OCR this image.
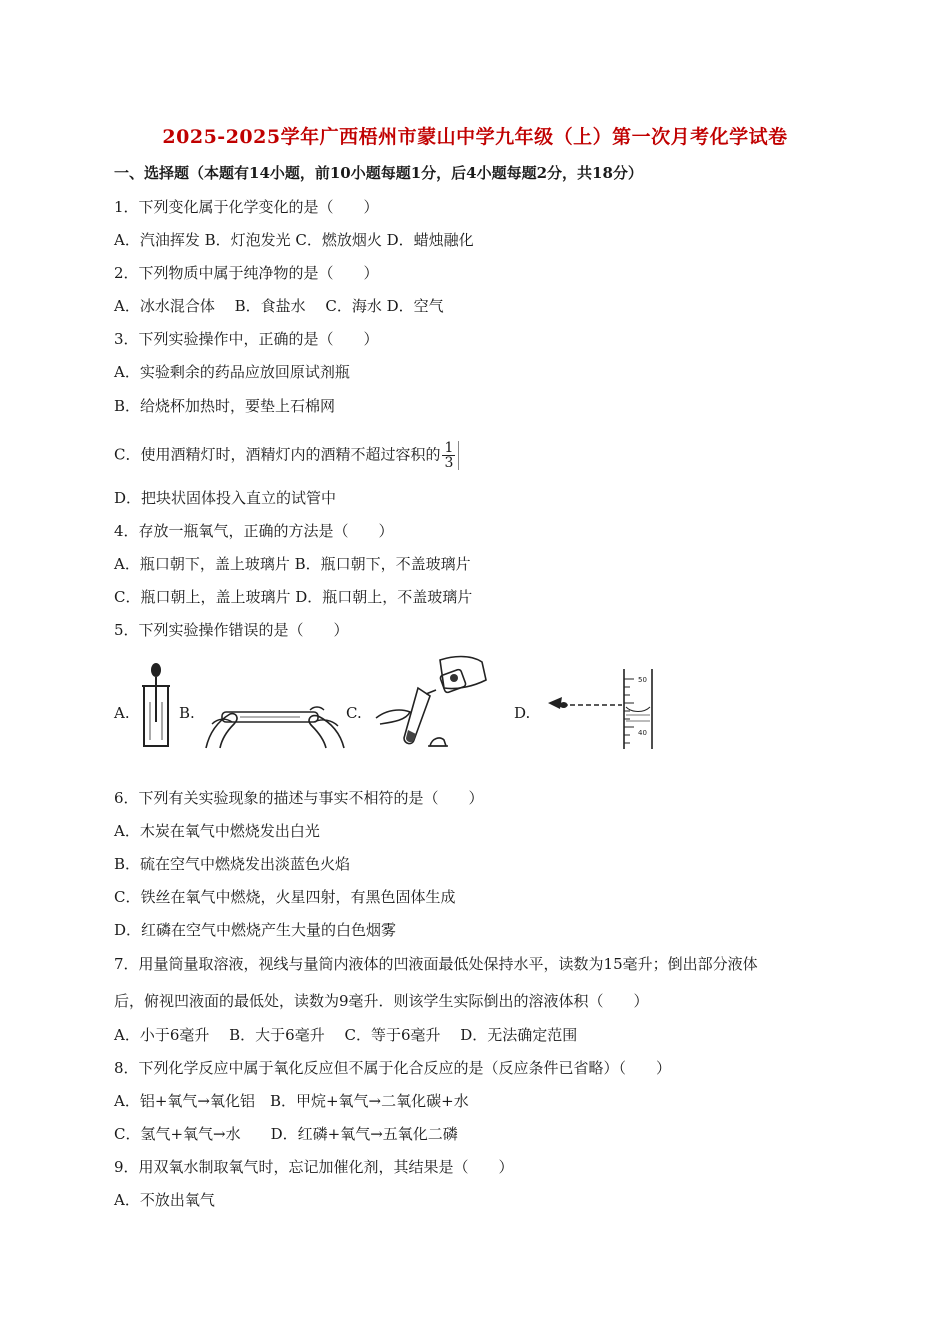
2025-2025学年广西梧州市蒙山中学九年级（上）第一次月考化学试卷
一、选择题（本题有14小题，前10小题每题1分，后4小题每题2分，共18分）
1．下列变化属于化学变化的是（　　）
A．汽油挥发 B．灯泡发光 C．燃放烟火 D．蜡烛融化
2．下列物质中属于纯净物的是（　　）
A．冰水混合体　 B．食盐水　 C．海水 D．空气
3．下列实验操作中，正确的是（　　）
A．实验剩余的药品应放回原试剂瓶
B．给烧杯加热时，要垫上石棉网
C．使用酒精灯时，酒精灯内的酒精不超过容积的 $\frac{1}{3}$
D．把块状固体投入直立的试管中
4．存放一瓶氧气，正确的方法是（　　）
A．瓶口朝下，盖上玻璃片 B．瓶口朝下，不盖玻璃片
C．瓶口朝上，盖上玻璃片 D．瓶口朝上，不盖玻璃片
5．下列实验操作错误的是（　　）
A.	B.	C.	D.
50
40
6．下列有关实验现象的描述与事实不相符的是（　　）
A．木炭在氧气中燃烧发出白光
B．硫在空气中燃烧发出淡蓝色火焰
C．铁丝在氧气中燃烧，火星四射，有黑色固体生成
D．红磷在空气中燃烧产生大量的白色烟雾
7．用量筒量取溶液，视线与量筒内液体的凹液面最低处保持水平，读数为15毫升；倒出部分液体
后，俯视凹液面的最低处，读数为9毫升．则该学生实际倒出的溶液体积（　　）
A．小于6毫升　 B．大于6毫升　 C．等于6毫升　 D．无法确定范围
8．下列化学反应中属于氧化反应但不属于化合反应的是（反应条件已省略）（　　）
A．铝+氧气→氧化铝　B．甲烷+氧气→二氧化碳+水
C．氢气+氧气→水　　D．红磷+氧气→五氧化二磷
9．用双氧水制取氧气时，忘记加催化剂，其结果是（　　）
A．不放出氧气
